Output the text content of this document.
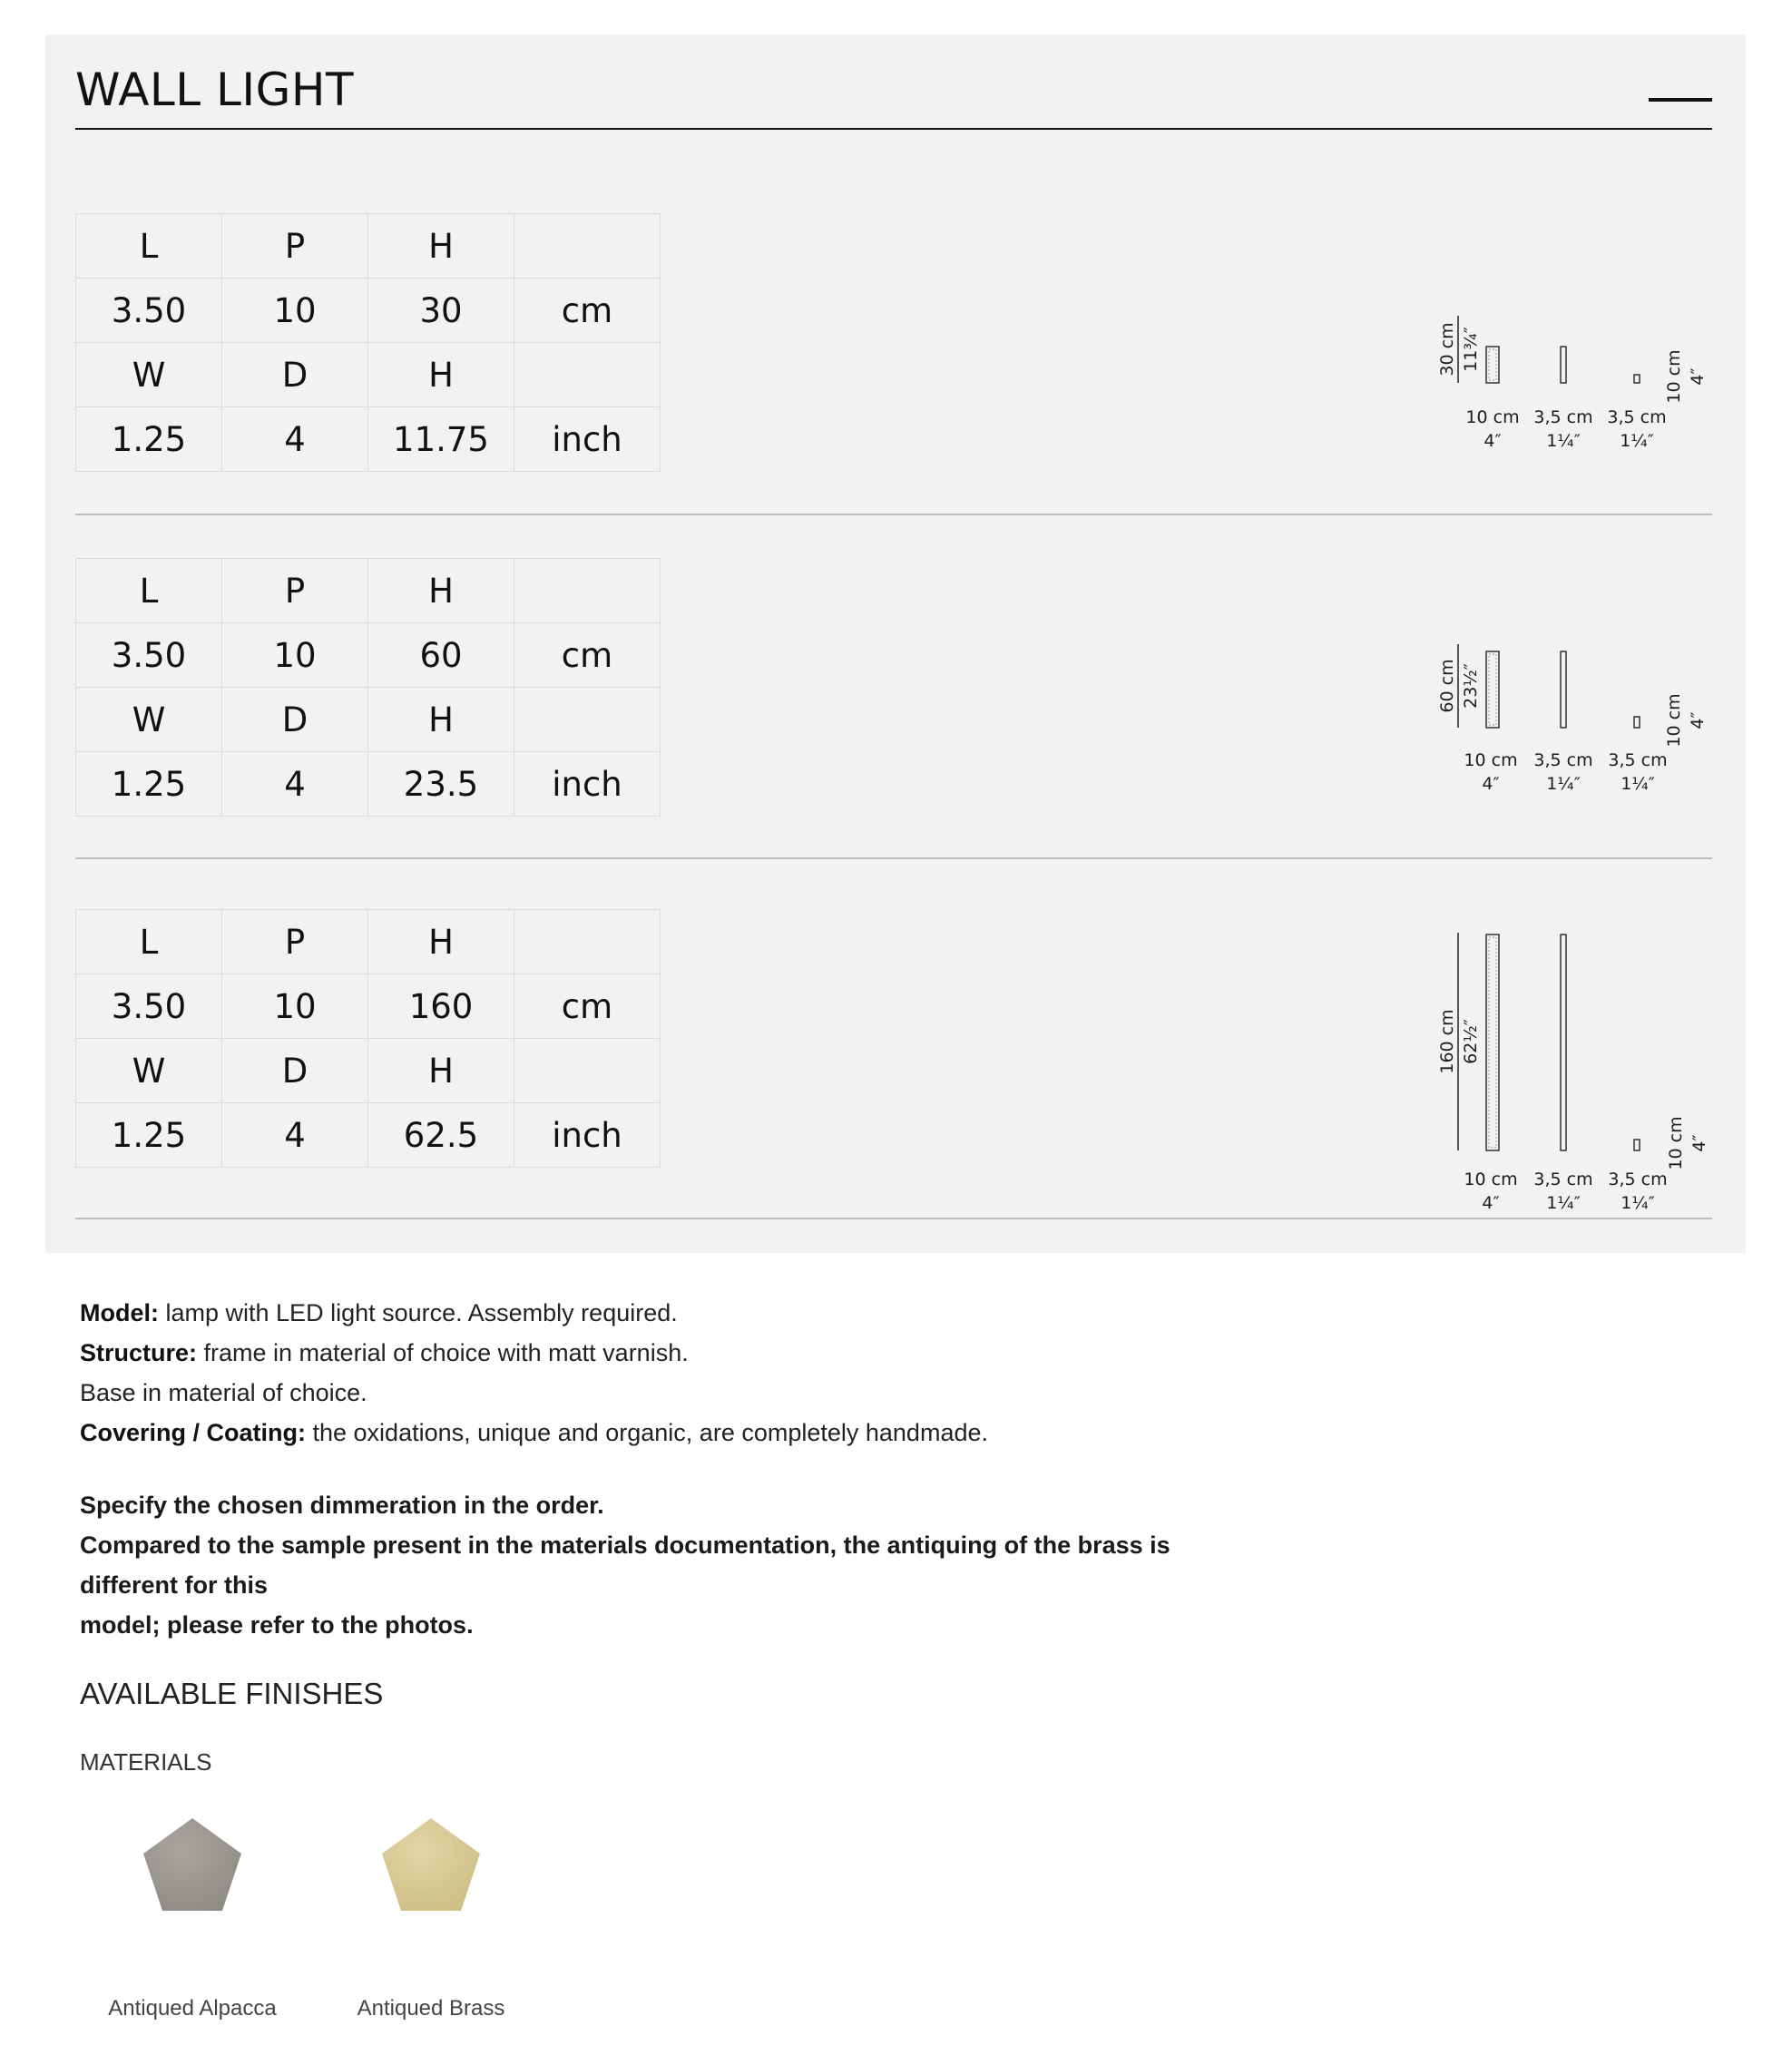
WALL LIGHT
L	P	H	
3.50	10	30	cm
W	D	H	
1.25	4	11.75	inch
30 cm 11¾″
10 cm
4″
3,5 cm
1¼″
3,5 cm
1¼″
10 cm 4″
L	P	H	
3.50	10	60	cm
W	D	H	
1.25	4	23.5	inch
60 cm 23½″
10 cm
4″
3,5 cm
1¼″
3,5 cm
1¼″
10 cm 4″
L	P	H	
3.50	10	160	cm
W	D	H	
1.25	4	62.5	inch
160 cm 62½″
10 cm
4″
3,5 cm
1¼″
3,5 cm
1¼″
10 cm 4″

Model: lamp with LED light source. Assembly required.

Structure: frame in material of choice with matt varnish.

Base in material of choice.

Covering / Coating: the oxidations, unique and organic, are completely handmade.

Specify the chosen dimmeration in the order.

Compared to the sample present in the materials documentation, the antiquing of the brass is different for this

model; please refer to the photos.

AVAILABLE FINISHES
MATERIALS
Antiqued Alpacca	Antiqued Brass
